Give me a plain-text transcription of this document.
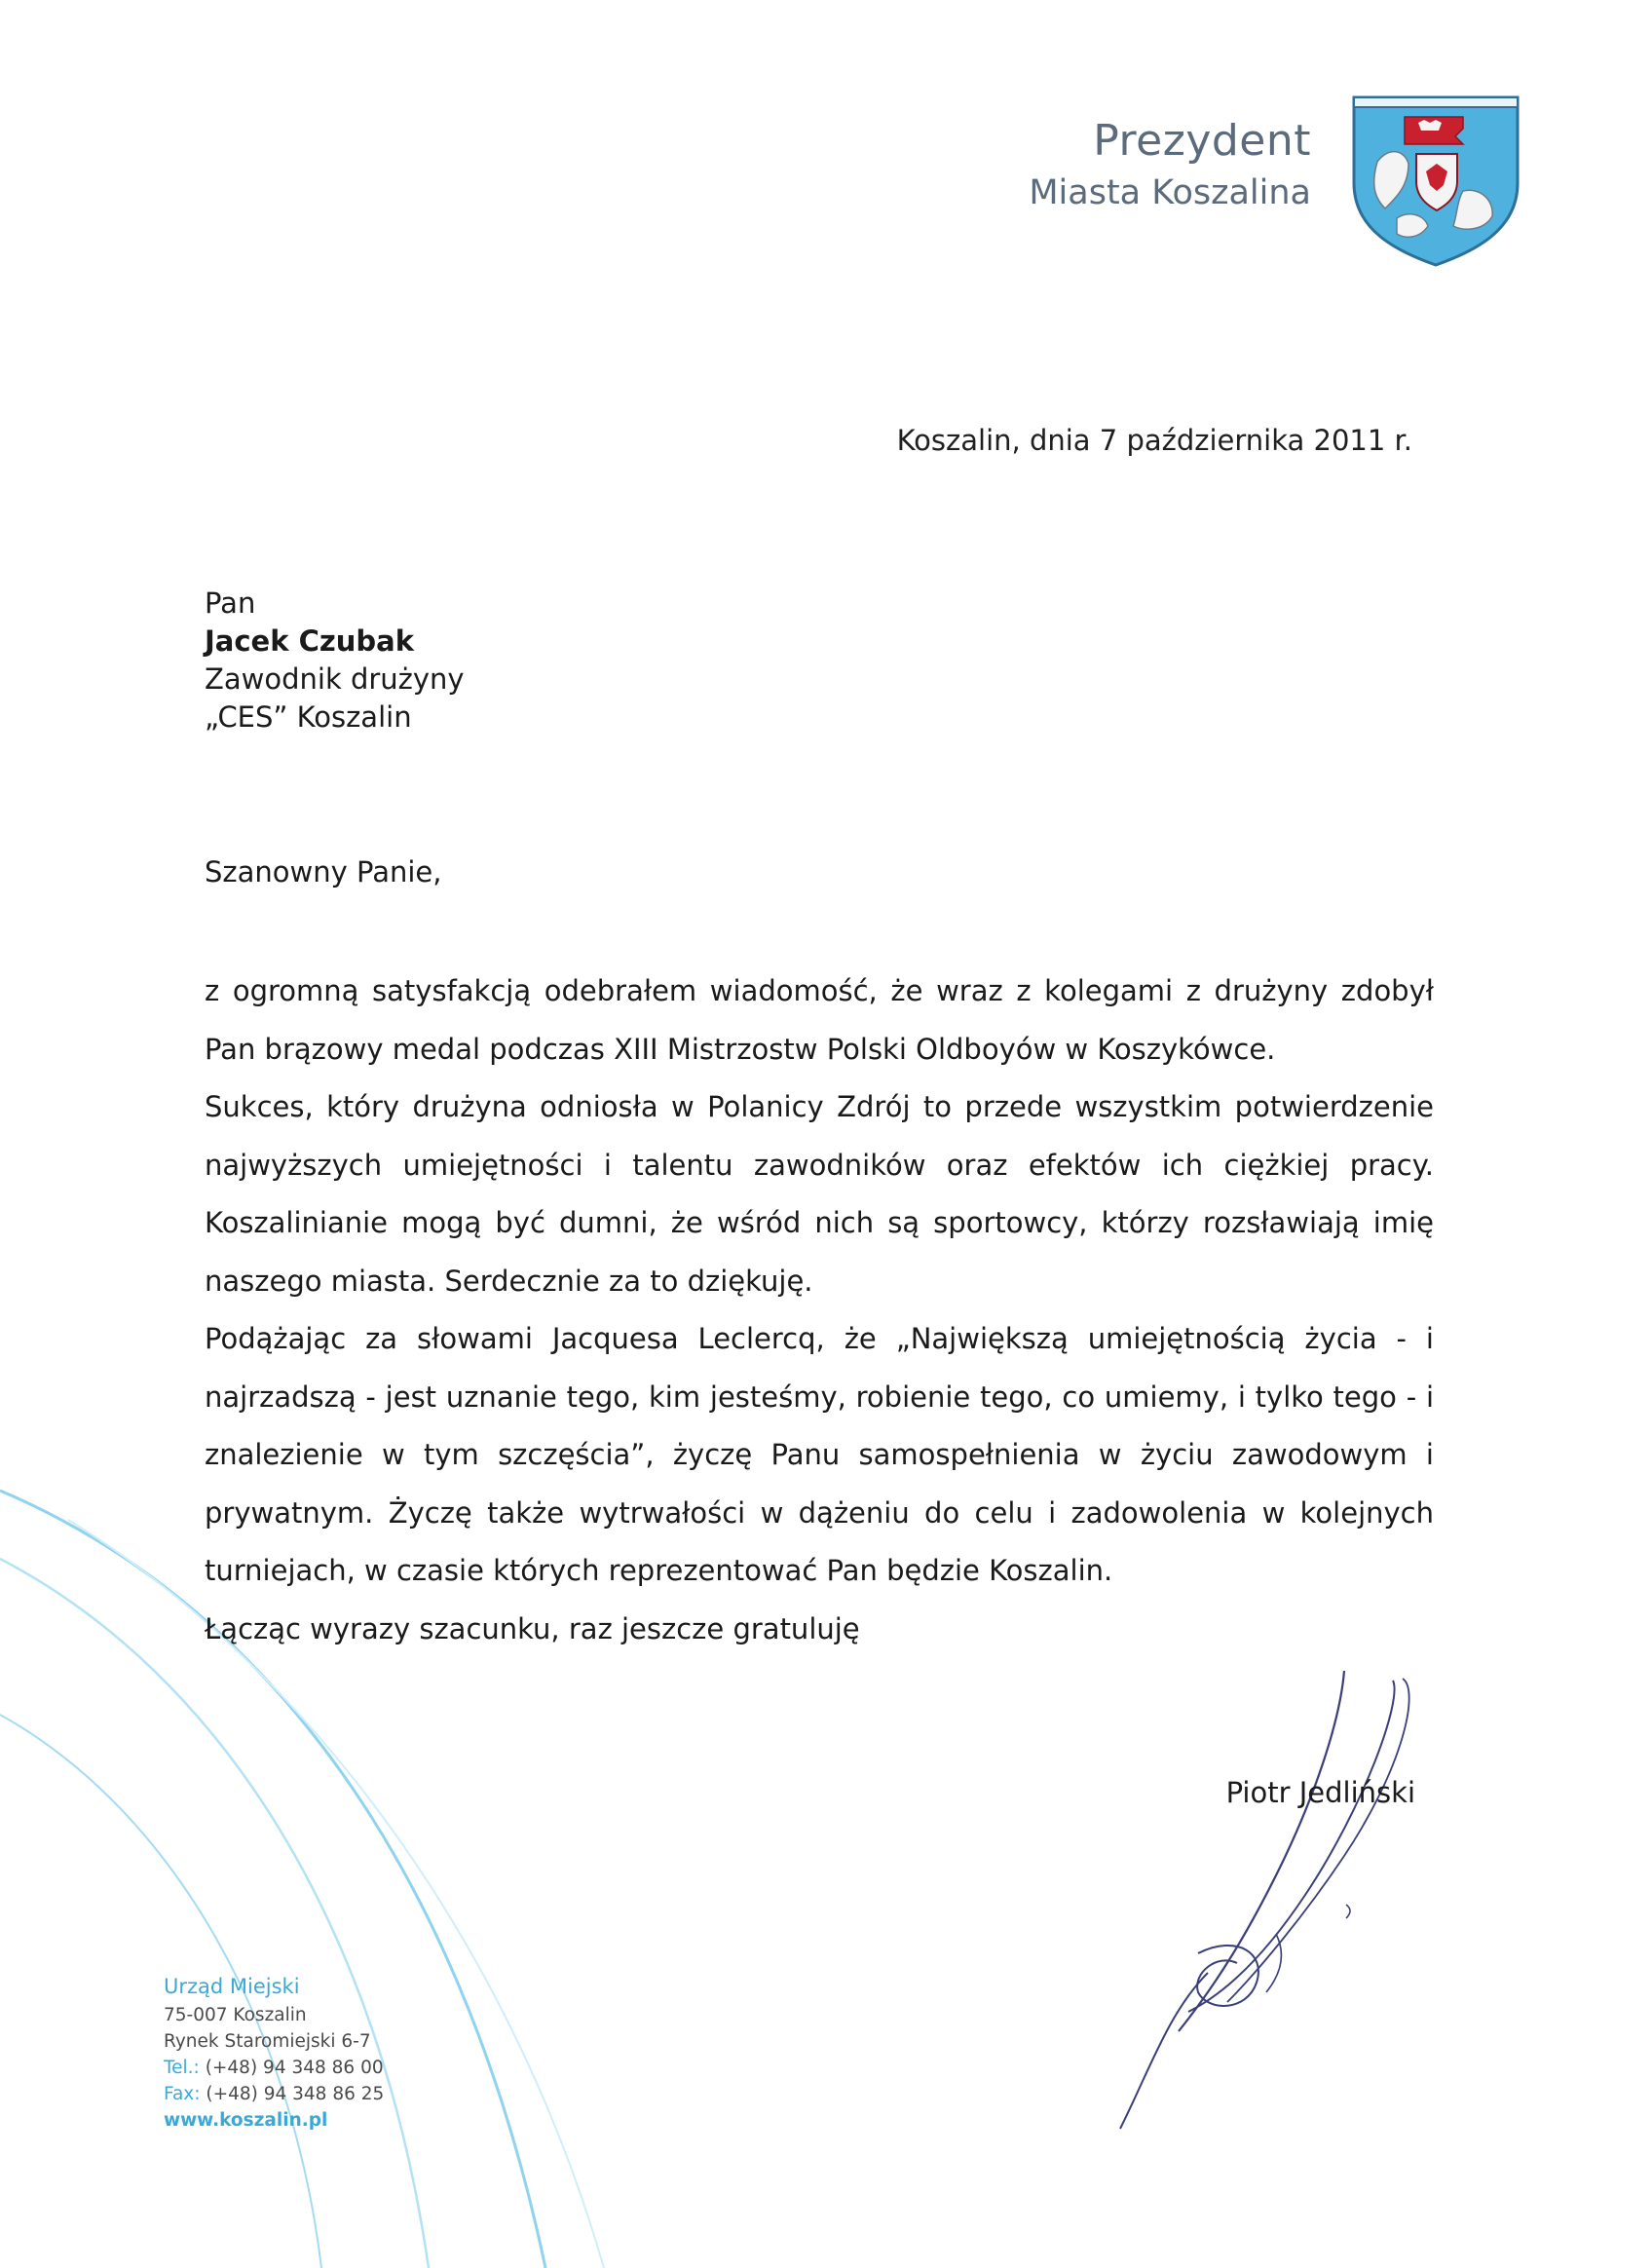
Prezydent
Miasta Koszalina
Koszalin, dnia 7 października 2011 r.
Pan
Jacek Czubak
Zawodnik drużyny
„CES” Koszalin
Szanowny Panie,

z ogromną satysfakcją odebrałem wiadomość, że wraz z kolegami z drużyny zdobył Pan brązowy medal podczas XIII Mistrzostw Polski Oldboyów w Koszykówce.

Sukces, który drużyna odniosła w Polanicy Zdrój to przede wszystkim potwierdzenie najwyższych umiejętności i talentu zawodników oraz efektów ich ciężkiej pracy. Koszalinianie mogą być dumni, że wśród nich są sportowcy, którzy rozsławiają imię naszego miasta. Serdecznie za to dziękuję.

Podążając za słowami Jacquesa Leclercq, że „Największą umiejętnością życia - i najrzadszą - jest uznanie tego, kim jesteśmy, robienie tego, co umiemy, i tylko tego - i znalezienie w tym szczęścia”, życzę Panu samospełnienia w życiu zawodowym i prywatnym. Życzę także wytrwałości w dążeniu do celu i zadowolenia w kolejnych turniejach, w czasie których reprezentować Pan będzie Koszalin.

Łącząc wyrazy szacunku, raz jeszcze gratuluję

Piotr Jedliński
Urząd Miejski
75-007 Koszalin
Rynek Staromiejski 6-7
Tel.: (+48) 94 348 86 00
Fax: (+48) 94 348 86 25
www.koszalin.pl
